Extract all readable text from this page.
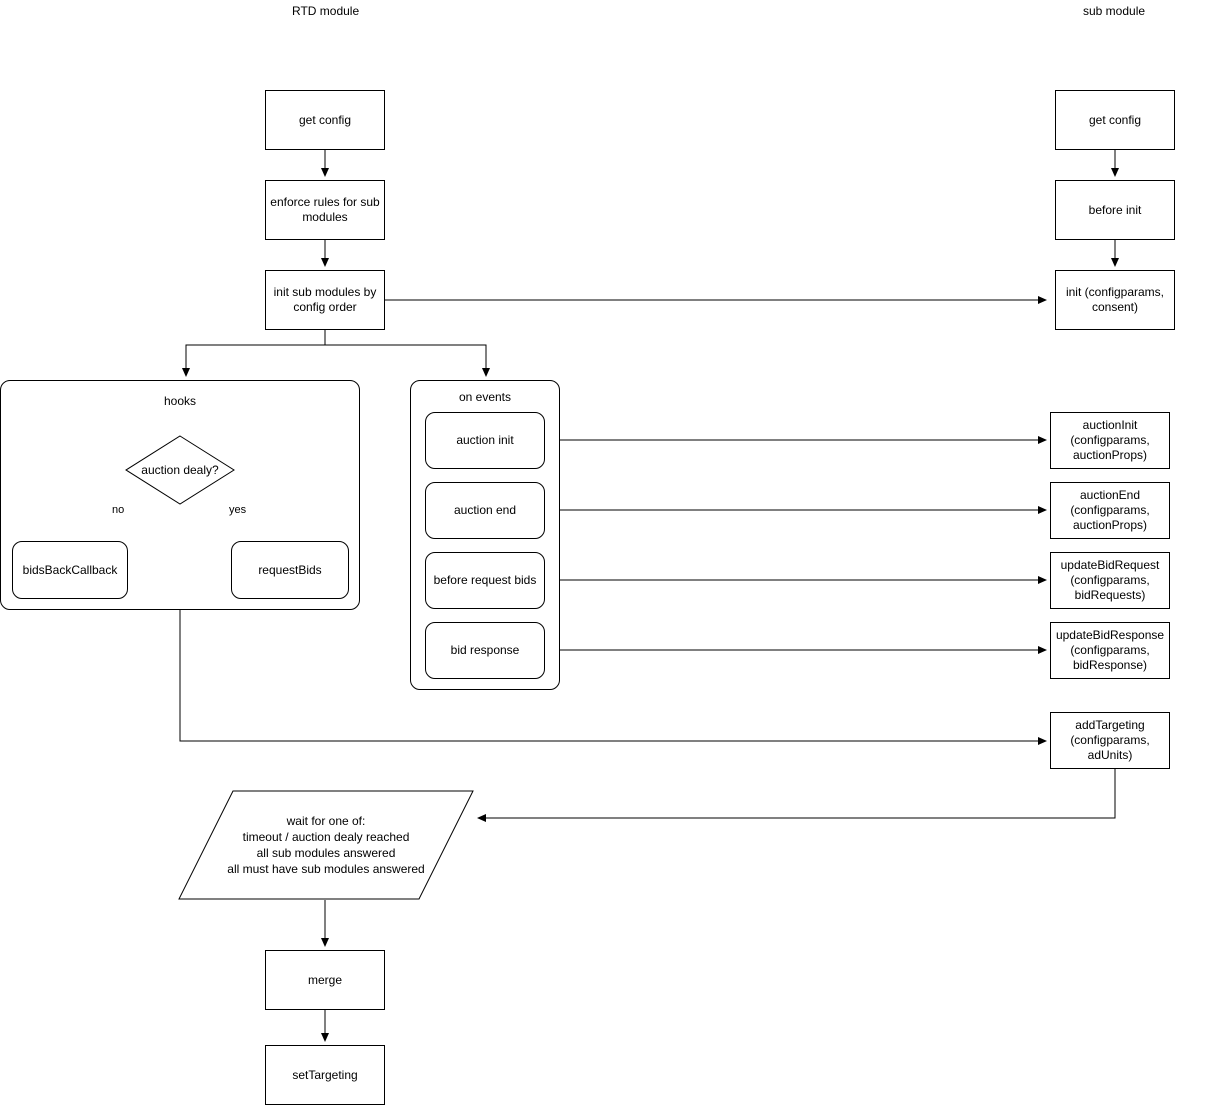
RTD module	sub module
get config
enforce rules for sub modules
init sub modules by config order
get config
before init
init (configparams, consent)
hooks
auction dealy?
no	yes
bidsBackCallback	requestBids
on events
auction init
auction end
before request bids
bid response
auctionInit (configparams, auctionProps)
auctionEnd (configparams, auctionProps)
updateBidRequest (configparams, bidRequests)
updateBidResponse (configparams, bidResponse)
addTargeting (configparams, adUnits)
wait for one of:
timeout / auction dealy reached
all sub modules answered
all must have sub modules answered
merge
setTargeting
